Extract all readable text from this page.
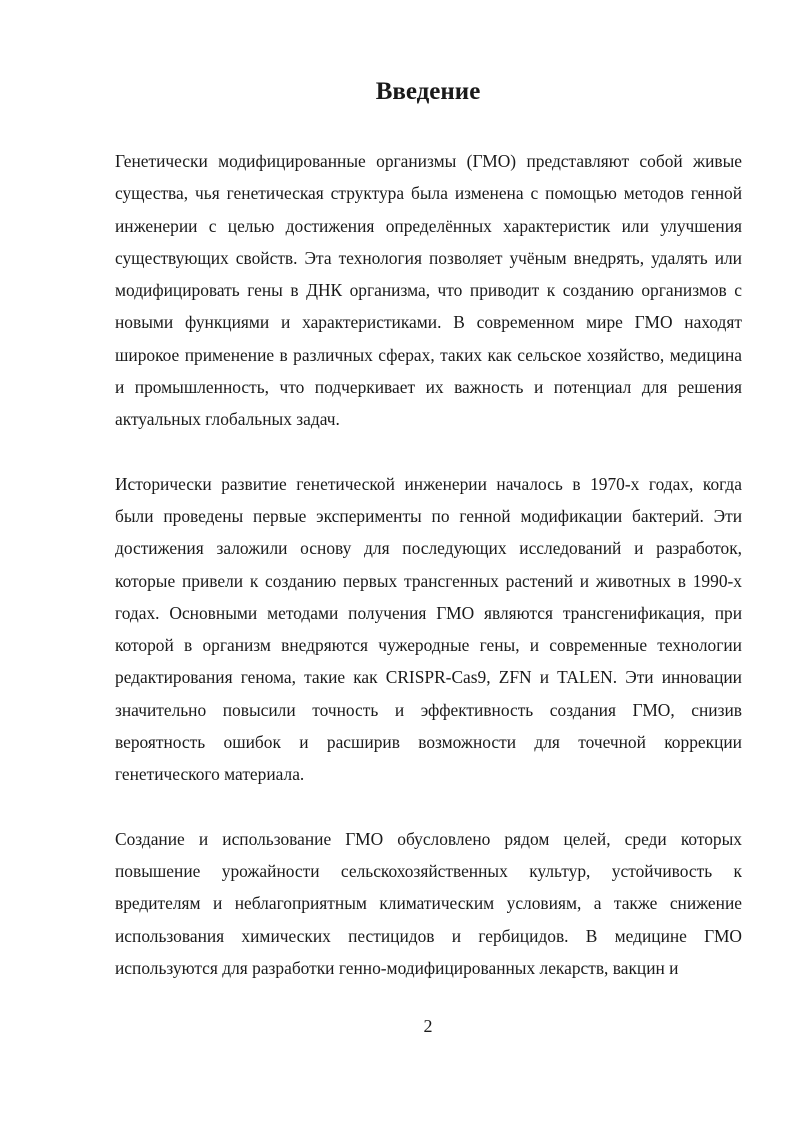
Введение

Генетически модифицированные организмы (ГМО) представляют собой живые существа, чья генетическая структура была изменена с помощью методов генной инженерии с целью достижения определённых характеристик или улучшения существующих свойств. Эта технология позволяет учёным внедрять, удалять или модифицировать гены в ДНК организма, что приводит к созданию организмов с новыми функциями и характеристиками. В современном мире ГМО находят широкое применение в различных сферах, таких как сельское хозяйство, медицина и промышленность, что подчеркивает их важность и потенциал для решения актуальных глобальных задач.

Исторически развитие генетической инженерии началось в 1970-х годах, когда были проведены первые эксперименты по генной модификации бактерий. Эти достижения заложили основу для последующих исследований и разработок, которые привели к созданию первых трансгенных растений и животных в 1990-х годах. Основными методами получения ГМО являются трансгенификация, при которой в организм внедряются чужеродные гены, и современные технологии редактирования генома, такие как CRISPR-Cas9, ZFN и TALEN. Эти инновации значительно повысили точность и эффективность создания ГМО, снизив вероятность ошибок и расширив возможности для точечной коррекции генетического материала.

Создание и использование ГМО обусловлено рядом целей, среди которых повышение урожайности сельскохозяйственных культур, устойчивость к вредителям и неблагоприятным климатическим условиям, а также снижение использования химических пестицидов и гербицидов. В медицине ГМО используются для разработки генно-модифицированных лекарств, вакцин и

2
